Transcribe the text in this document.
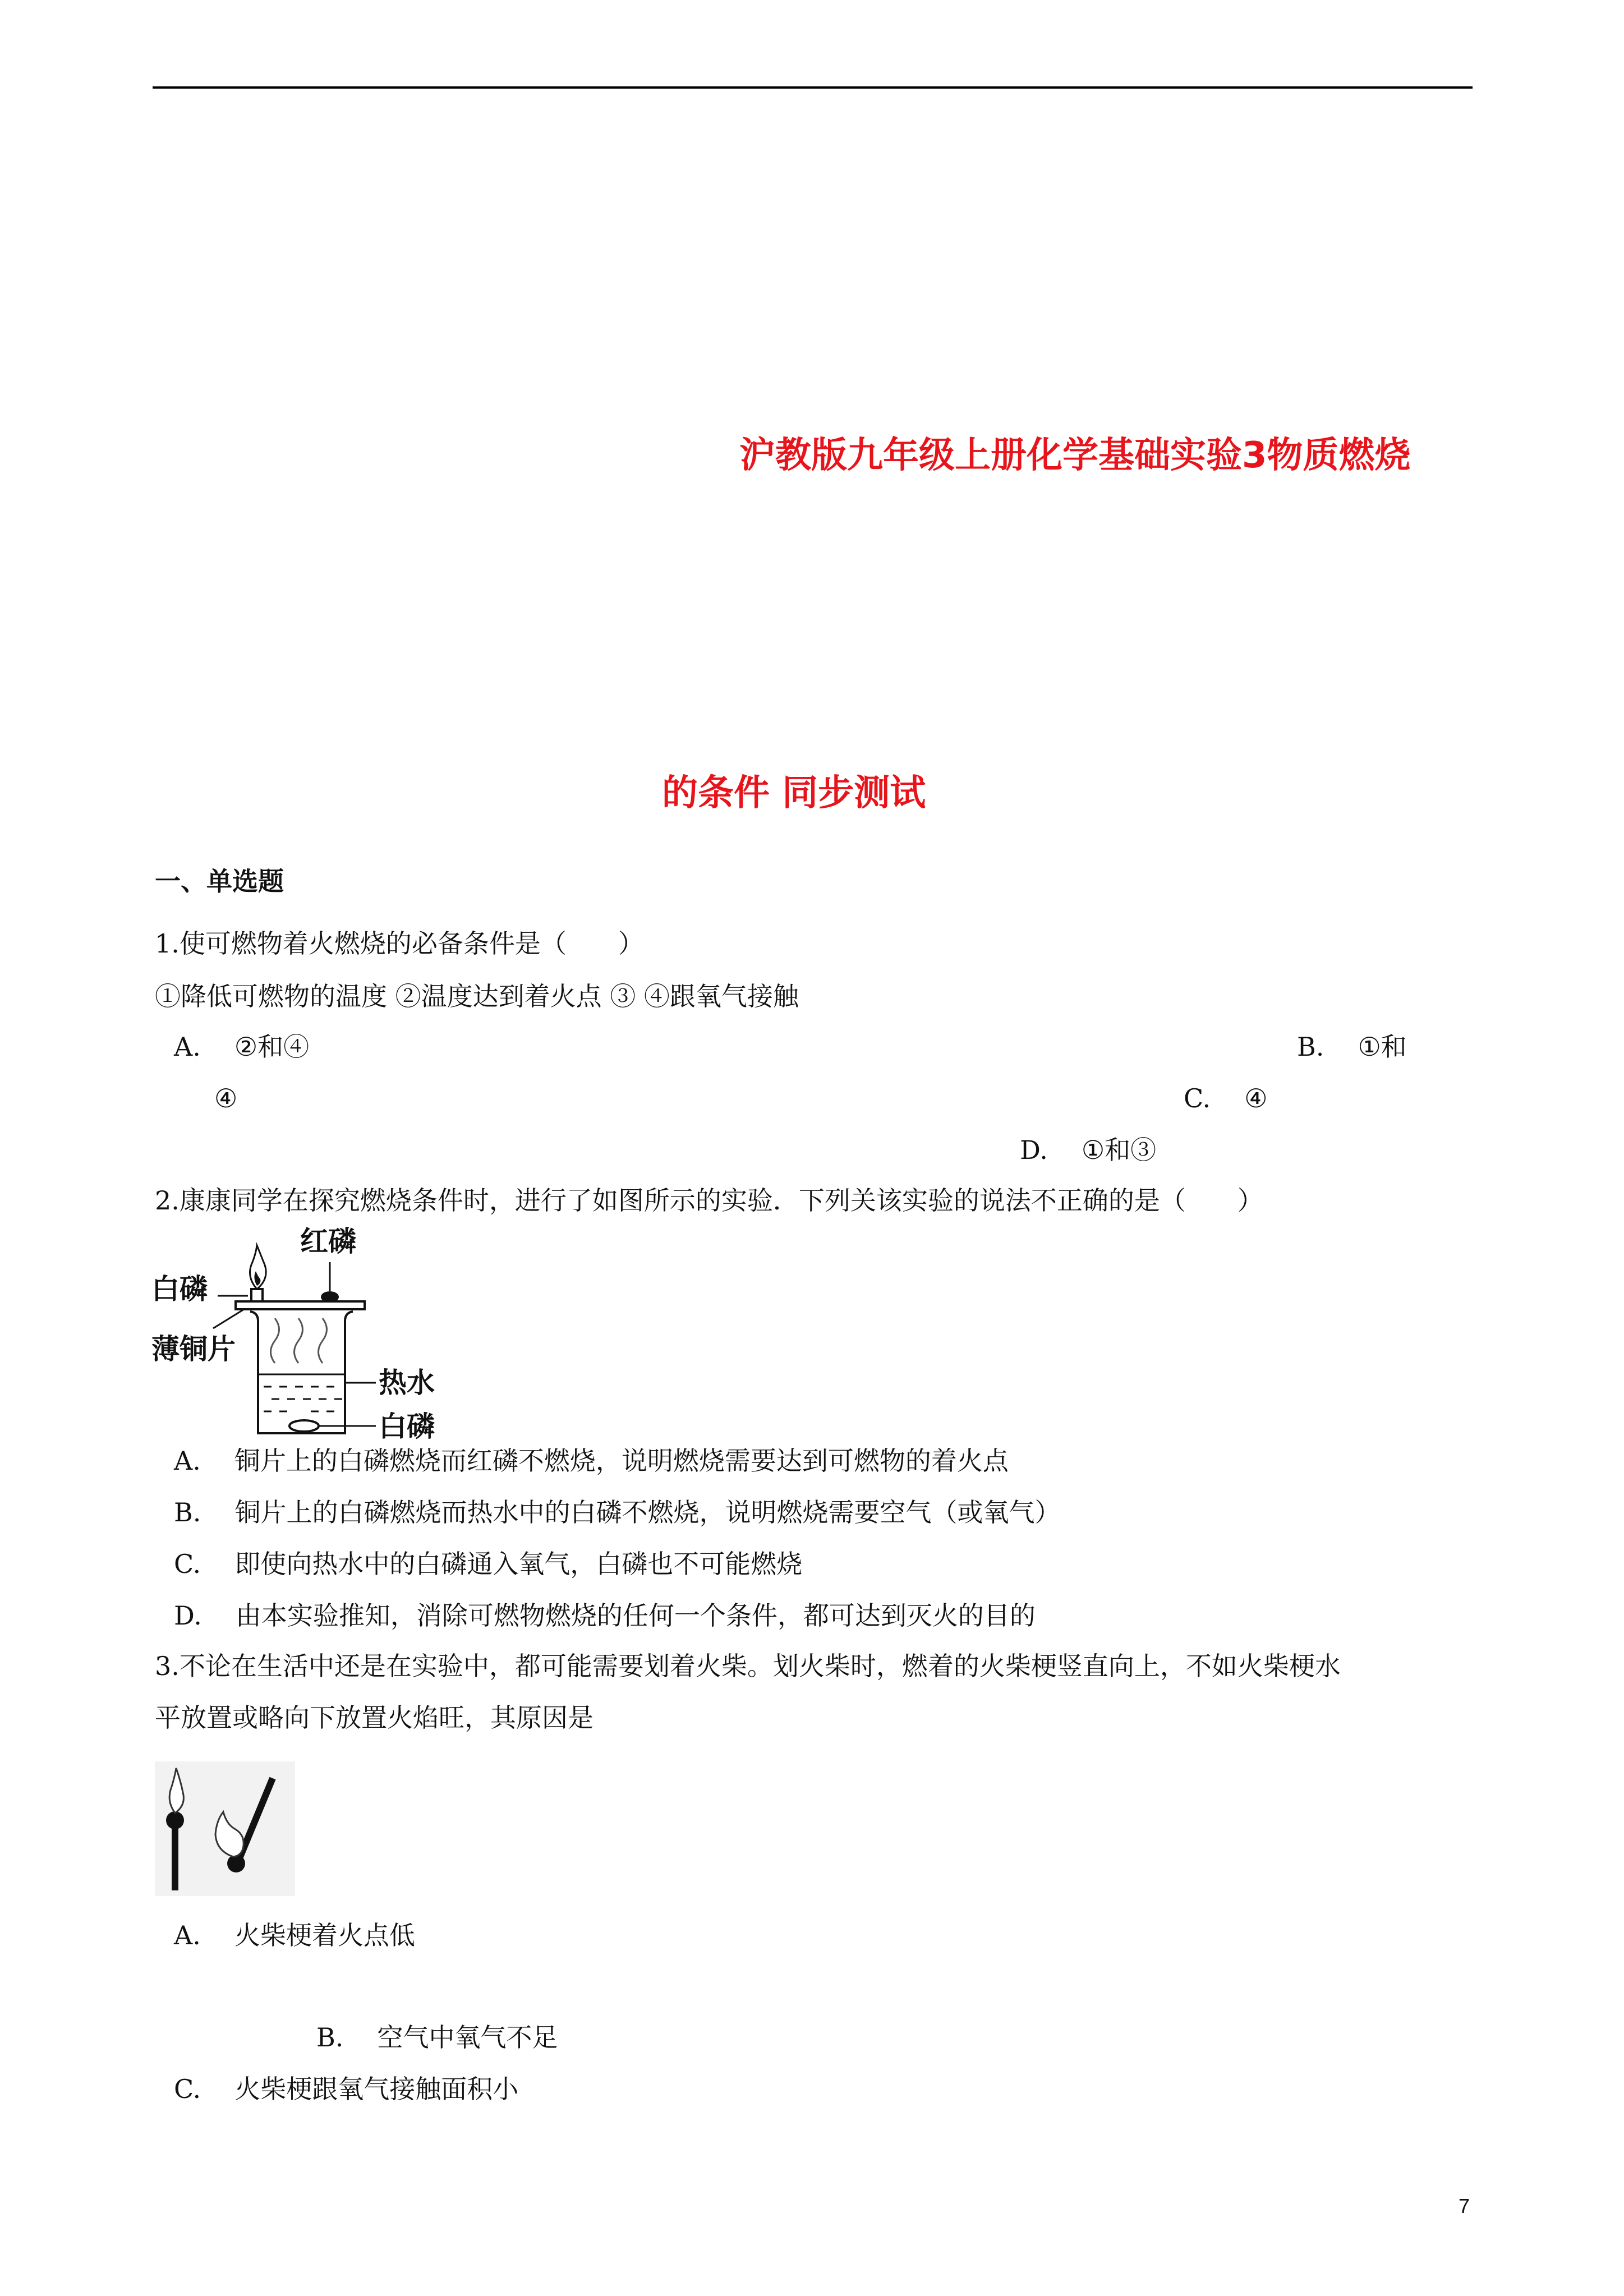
沪教版九年级上册化学基础实验3物质燃烧
的条件 同步测试
一、单选题
1.使可燃物着火燃烧的必备条件是（　　）
①降低可燃物的温度 ②温度达到着火点 ③ ④跟氧气接触
A. ②和④	B. ①和
④	C. ④
D. ①和③
2.康康同学在探究燃烧条件时，进行了如图所示的实验．下列关该实验的说法不正确的是（　　）
红磷
白磷
薄铜片
热水
白磷
A. 铜片上的白磷燃烧而红磷不燃烧，说明燃烧需要达到可燃物的着火点
B. 铜片上的白磷燃烧而热水中的白磷不燃烧，说明燃烧需要空气（或氧气）
C. 即使向热水中的白磷通入氧气，白磷也不可能燃烧
D. 由本实验推知，消除可燃物燃烧的任何一个条件，都可达到灭火的目的
3.不论在生活中还是在实验中，都可能需要划着火柴。划火柴时，燃着的火柴梗竖直向上，不如火柴梗水
平放置或略向下放置火焰旺，其原因是
A. 火柴梗着火点低
B. 空气中氧气不足
C. 火柴梗跟氧气接触面积小
7
